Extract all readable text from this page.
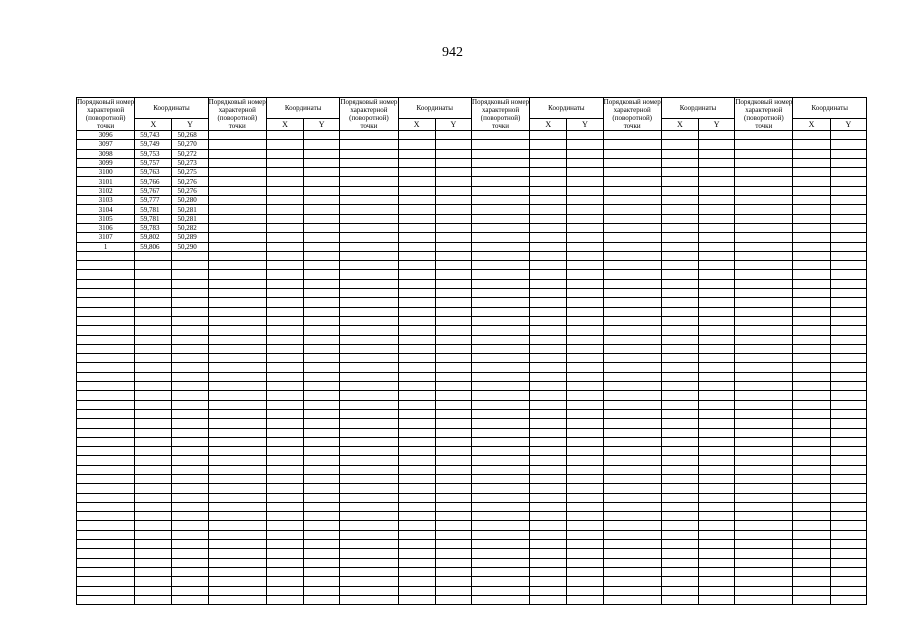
942
Порядковый номер характерной (поворотной) точки	Координаты		Порядковый номер характерной (поворотной) точки	Координаты		Порядковый номер характерной (поворотной) точки	Координаты		Порядковый номер характерной (поворотной) точки	Координаты		Порядковый номер характерной (поворотной) точки	Координаты		Порядковый номер характерной (поворотной) точки	Координаты	
	X	Y		X	Y		X	Y		X	Y		X	Y		X	Y
3096	59,743	50,268															
3097	59,749	50,270															
3098	59,753	50,272															
3099	59,757	50,273															
3100	59,763	50,275															
3101	59,766	50,276															
3102	59,767	50,276															
3103	59,777	50,280															
3104	59,781	50,281															
3105	59,781	50,281															
3106	59,783	50,282															
3107	59,802	50,289															
1	59,806	50,290															
